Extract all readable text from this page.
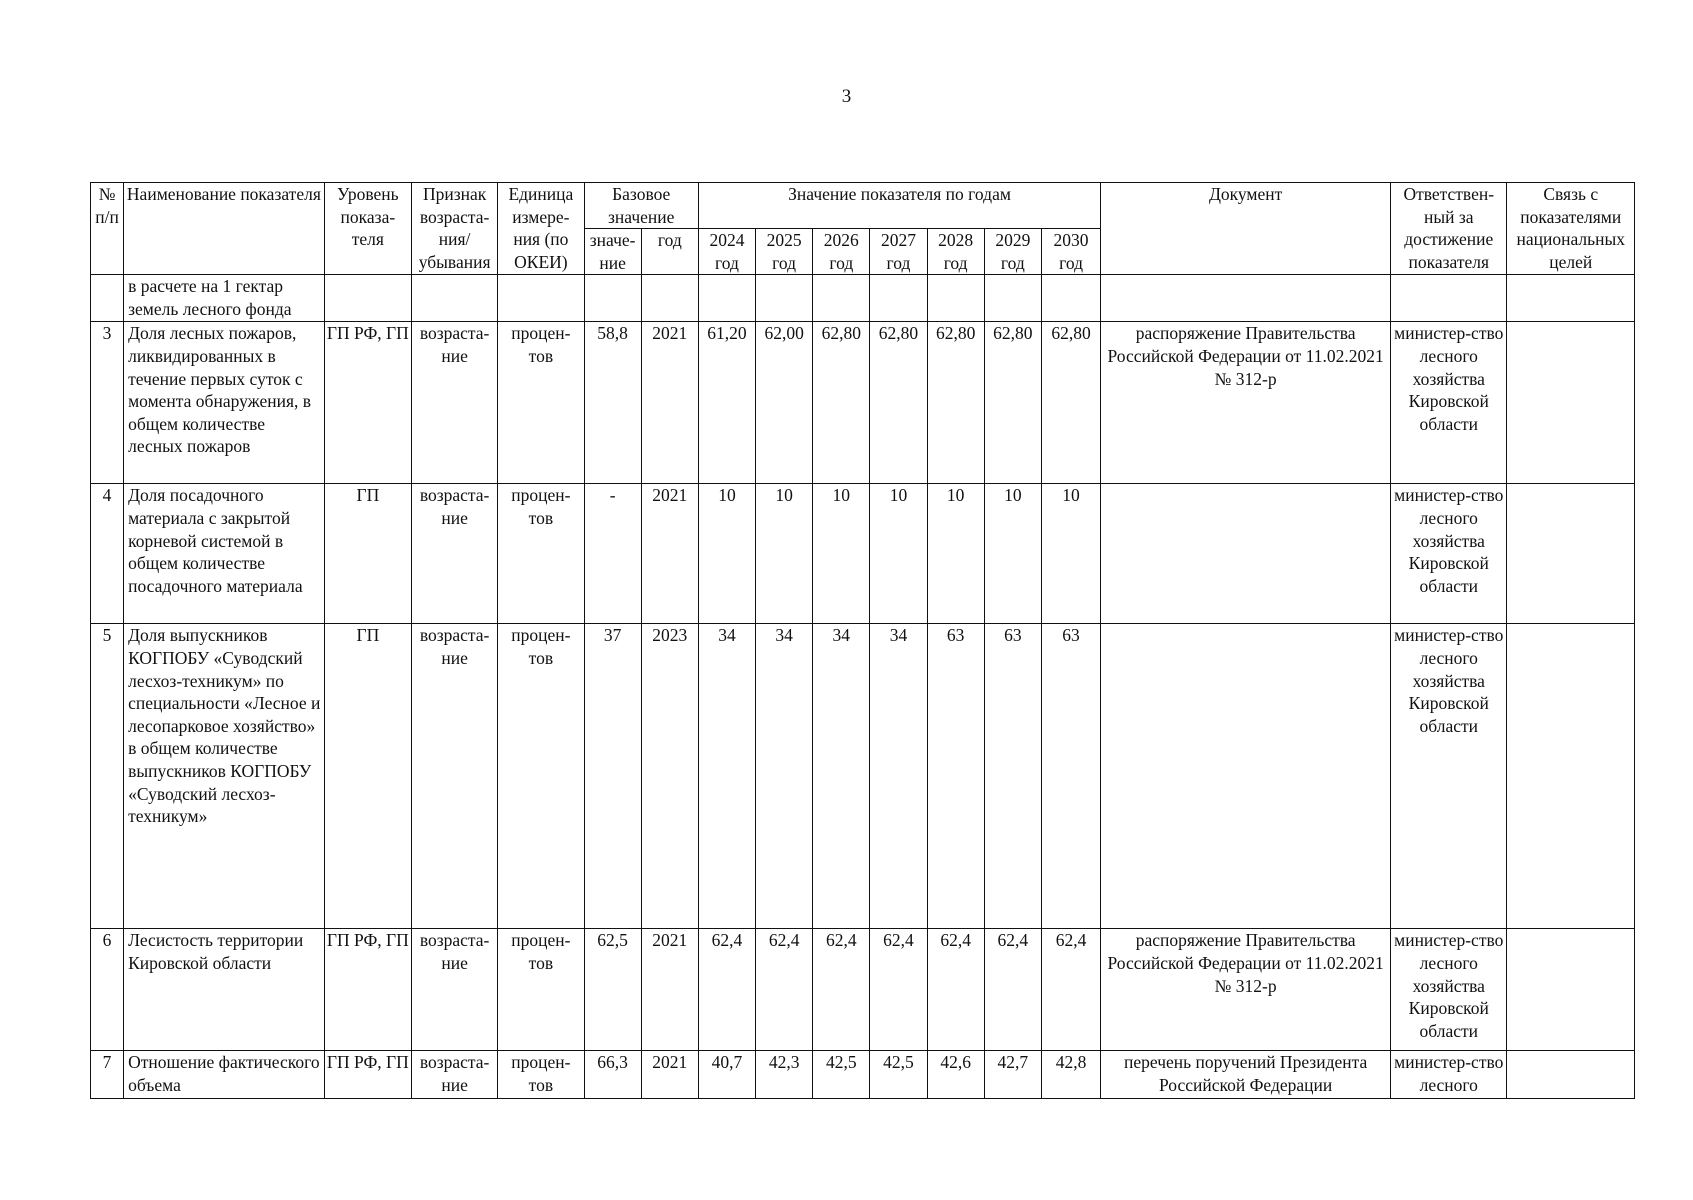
3
№ п/п	Наименование показателя	Уровень показа-теля	Признак возраста-ния/ убывания	Единица измере-ния (по ОКЕИ)	Базовое значение		Значение показателя по годам							Документ	Ответствен-ный за достижение показателя	Связь с показателями национальных целей
					значе-ние	год	2024 год	2025 год	2026 год	2027 год	2028 год	2029 год	2030 год			
	в расчете на 1 гектар земель лесного фонда															
3	Доля лесных пожаров, ликвидированных в течение первых суток с момента обнаружения, в общем количестве лесных пожаров	ГП РФ, ГП	возраста-ние	процен-тов	58,8	2021	61,20	62,00	62,80	62,80	62,80	62,80	62,80	распоряжение Правительства Российской Федерации от 11.02.2021 № 312-р	министер-ство лесного хозяйства Кировской области	
4	Доля посадочного материала с закрытой корневой системой в общем количестве посадочного материала	ГП	возраста-ние	процен-тов	-	2021	10	10	10	10	10	10	10		министер-ство лесного хозяйства Кировской области	
5	Доля выпускников КОГПОБУ «Суводский лесхоз-техникум» по специальности «Лесное и лесопарковое хозяйство» в общем количестве выпускников КОГПОБУ «Суводский лесхоз-техникум»	ГП	возраста-ние	процен-тов	37	2023	34	34	34	34	63	63	63		министер-ство лесного хозяйства Кировской области	
6	Лесистость территории Кировской области	ГП РФ, ГП	возраста-ние	процен-тов	62,5	2021	62,4	62,4	62,4	62,4	62,4	62,4	62,4	распоряжение Правительства Российской Федерации от 11.02.2021 № 312-р	министер-ство лесного хозяйства Кировской области	
7	Отношение фактического объема	ГП РФ, ГП	возраста-ние	процен-тов	66,3	2021	40,7	42,3	42,5	42,5	42,6	42,7	42,8	перечень поручений Президента Российской Федерации	министер-ство лесного	
